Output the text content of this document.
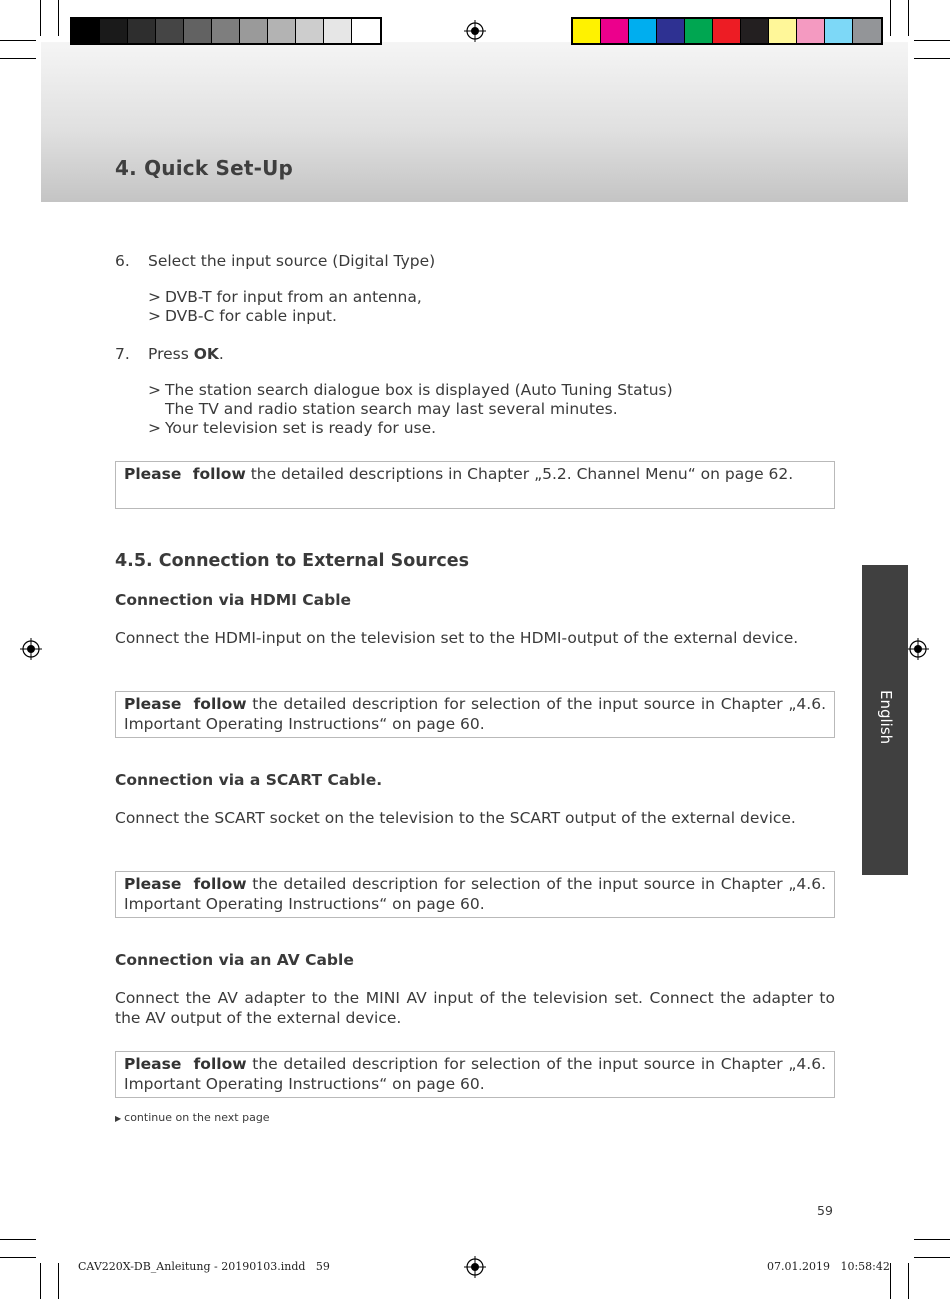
4. Quick Set-Up
6. Select the input source (Digital Type)
> DVB-T for input from an antenna,
> DVB-C for cable input.
7. Press OK.
> The station search dialogue box is displayed (Auto Tuning Status)
The TV and radio station search may last several minutes.
> Your television set is ready for use.
Please follow the detailed descriptions in Chapter „5.2. Channel Menu“ on page 62.
4.5. Connection to External Sources
Connection via HDMI Cable
Connect the HDMI-input on the television set to the HDMI-output of the external device.
Please follow the detailed description for selection of the input source in Chapter „4.6. Important Operating Instructions“ on page 60.
Connection via a SCART Cable.
Connect the SCART socket on the television to the SCART output of the external device.
Please follow the detailed description for selection of the input source in Chapter „4.6. Important Operating Instructions“ on page 60.
Connection via an AV Cable
Connect the AV adapter to the MINI AV input of the television set. Connect the adapter to the AV output of the external device.
Please follow the detailed description for selection of the input source in Chapter „4.6. Important Operating Instructions“ on page 60.
▶ continue on the next page
59
CAV220X-DB_Anleitung - 20190103.indd   59	07.01.2019   10:58:42
